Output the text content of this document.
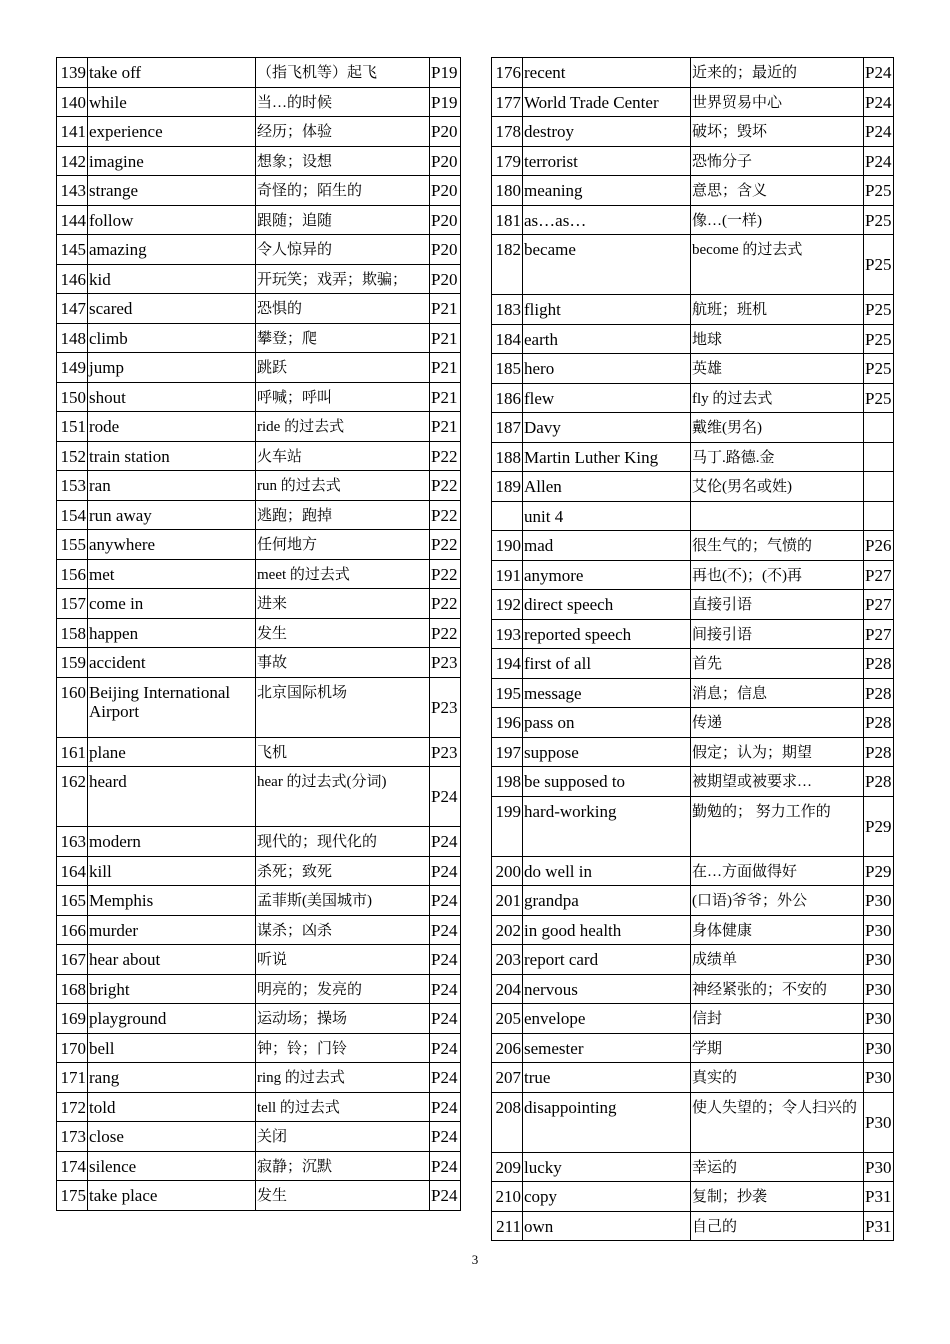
139	take off	（指飞机等）起飞	P19
140	while	当…的时候	P19
141	experience	经历；体验	P20
142	imagine	想象；设想	P20
143	strange	奇怪的；陌生的	P20
144	follow	跟随；追随	P20
145	amazing	令人惊异的	P20
146	kid	开玩笑；戏弄；欺骗；	P20
147	scared	恐惧的	P21
148	climb	攀登；爬	P21
149	jump	跳跃	P21
150	shout	呼喊；呼叫	P21
151	rode	ride 的过去式	P21
152	train station	火车站	P22
153	ran	run 的过去式	P22
154	run away	逃跑；跑掉	P22
155	anywhere	任何地方	P22
156	met	meet 的过去式	P22
157	come in	进来	P22
158	happen	发生	P22
159	accident	事故	P23
160	Beijing International Airport	北京国际机场	P23
161	plane	飞机	P23
162	heard	hear 的过去式(分词)	P24
163	modern	现代的；现代化的	P24
164	kill	杀死；致死	P24
165	Memphis	孟菲斯(美国城市)	P24
166	murder	谋杀；凶杀	P24
167	hear about	听说	P24
168	bright	明亮的；发亮的	P24
169	playground	运动场；操场	P24
170	bell	钟；铃；门铃	P24
171	rang	ring 的过去式	P24
172	told	tell 的过去式	P24
173	close	关闭	P24
174	silence	寂静；沉默	P24
175	take place	发生	P24
176	recent	近来的；最近的	P24
177	World Trade Center	世界贸易中心	P24
178	destroy	破坏；毁坏	P24
179	terrorist	恐怖分子	P24
180	meaning	意思；含义	P25
181	as…as…	像…(一样)	P25
182	became	become 的过去式	P25
183	flight	航班；班机	P25
184	earth	地球	P25
185	hero	英雄	P25
186	flew	fly 的过去式	P25
187	Davy	戴维(男名)	
188	Martin Luther King	马丁.路德.金	
189	Allen	艾伦(男名或姓)	
	unit 4		
190	mad	很生气的；气愤的	P26
191	anymore	再也(不)；(不)再	P27
192	direct speech	直接引语	P27
193	reported speech	间接引语	P27
194	first of all	首先	P28
195	message	消息；信息	P28
196	pass on	传递	P28
197	suppose	假定；认为；期望	P28
198	be supposed to	被期望或被要求…	P28
199	hard-working	勤勉的； 努力工作的	P29
200	do well in	在…方面做得好	P29
201	grandpa	(口语)爷爷；外公	P30
202	in good health	身体健康	P30
203	report card	成绩单	P30
204	nervous	神经紧张的；不安的	P30
205	envelope	信封	P30
206	semester	学期	P30
207	true	真实的	P30
208	disappointing	使人失望的；令人扫兴的	P30
209	lucky	幸运的	P30
210	copy	复制；抄袭	P31
211	own	自己的	P31
3
